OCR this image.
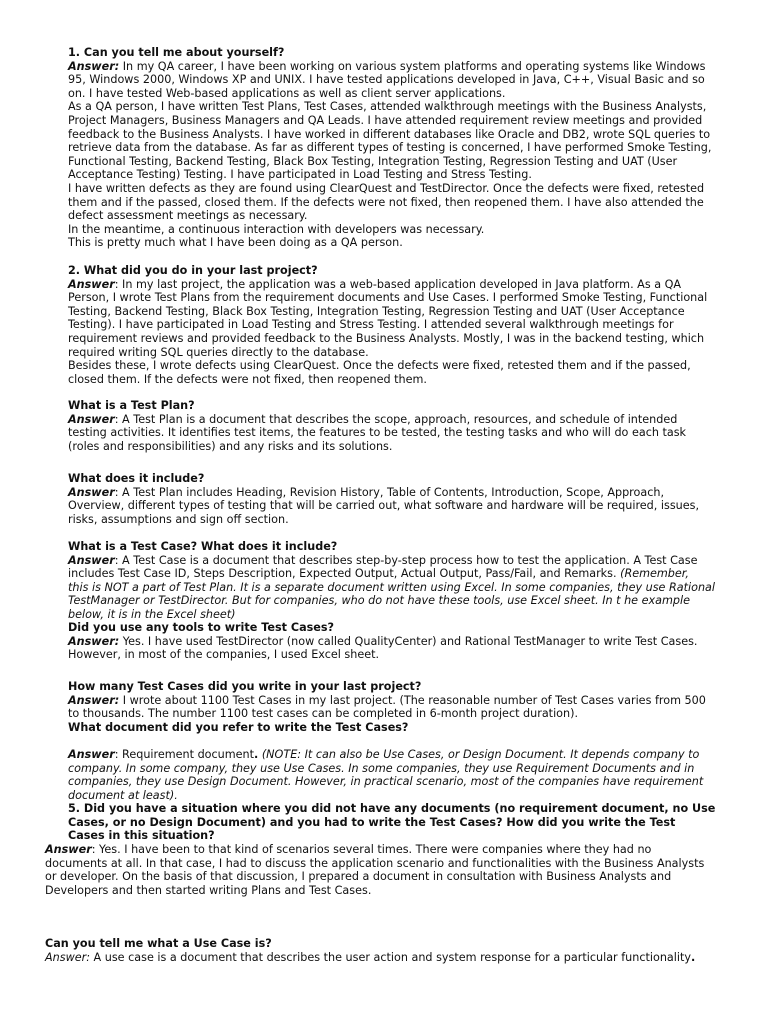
1. Can you tell me about yourself?
Answer: In my QA career, I have been working on various system platforms and operating systems like Windows
95, Windows 2000, Windows XP and UNIX. I have tested applications developed in Java, C++, Visual Basic and so
on. I have tested Web-based applications as well as client server applications.
As a QA person, I have written Test Plans, Test Cases, attended walkthrough meetings with the Business Analysts,
Project Managers, Business Managers and QA Leads. I have attended requirement review meetings and provided
feedback to the Business Analysts. I have worked in different databases like Oracle and DB2, wrote SQL queries to
retrieve data from the database. As far as different types of testing is concerned, I have performed Smoke Testing,
Functional Testing, Backend Testing, Black Box Testing, Integration Testing, Regression Testing and UAT (User
Acceptance Testing) Testing. I have participated in Load Testing and Stress Testing.
I have written defects as they are found using ClearQuest and TestDirector. Once the defects were fixed, retested
them and if the passed, closed them. If the defects were not fixed, then reopened them. I have also attended the
defect assessment meetings as necessary.
In the meantime, a continuous interaction with developers was necessary.
This is pretty much what I have been doing as a QA person.
2. What did you do in your last project?
Answer: In my last project, the application was a web-based application developed in Java platform. As a QA
Person, I wrote Test Plans from the requirement documents and Use Cases. I performed Smoke Testing, Functional
Testing, Backend Testing, Black Box Testing, Integration Testing, Regression Testing and UAT (User Acceptance
Testing). I have participated in Load Testing and Stress Testing. I attended several walkthrough meetings for
requirement reviews and provided feedback to the Business Analysts. Mostly, I was in the backend testing, which
required writing SQL queries directly to the database.
Besides these, I wrote defects using ClearQuest. Once the defects were fixed, retested them and if the passed,
closed them. If the defects were not fixed, then reopened them.
What is a Test Plan?
Answer: A Test Plan is a document that describes the scope, approach, resources, and schedule of intended
testing activities. It identifies test items, the features to be tested, the testing tasks and who will do each task
(roles and responsibilities) and any risks and its solutions.
What does it include?
Answer: A Test Plan includes Heading, Revision History, Table of Contents, Introduction, Scope, Approach,
Overview, different types of testing that will be carried out, what software and hardware will be required, issues,
risks, assumptions and sign off section.
What is a Test Case? What does it include?
Answer: A Test Case is a document that describes step-by-step process how to test the application. A Test Case
includes Test Case ID, Steps Description, Expected Output, Actual Output, Pass/Fail, and Remarks. (Remember,
this is NOT a part of Test Plan. It is a separate document written using Excel. In some companies, they use Rational
TestManager or TestDirector. But for companies, who do not have these tools, use Excel sheet. In t he example
below, it is in the Excel sheet)
Did you use any tools to write Test Cases?
Answer: Yes. I have used TestDirector (now called QualityCenter) and Rational TestManager to write Test Cases.
However, in most of the companies, I used Excel sheet.
How many Test Cases did you write in your last project?
Answer: I wrote about 1100 Test Cases in my last project. (The reasonable number of Test Cases varies from 500
to thousands. The number 1100 test cases can be completed in 6-month project duration).
What document did you refer to write the Test Cases?
Answer: Requirement document. (NOTE: It can also be Use Cases, or Design Document. It depends company to
company. In some company, they use Use Cases. In some companies, they use Requirement Documents and in
companies, they use Design Document. However, in practical scenario, most of the companies have requirement
document at least).
5. Did you have a situation where you did not have any documents (no requirement document, no Use
Cases, or no Design Document) and you had to write the Test Cases? How did you write the Test
Cases in this situation?
Answer: Yes. I have been to that kind of scenarios several times. There were companies where they had no
documents at all. In that case, I had to discuss the application scenario and functionalities with the Business Analysts
or developer. On the basis of that discussion, I prepared a document in consultation with Business Analysts and
Developers and then started writing Plans and Test Cases.
Can you tell me what a Use Case is?
Answer: A use case is a document that describes the user action and system response for a particular functionality.
